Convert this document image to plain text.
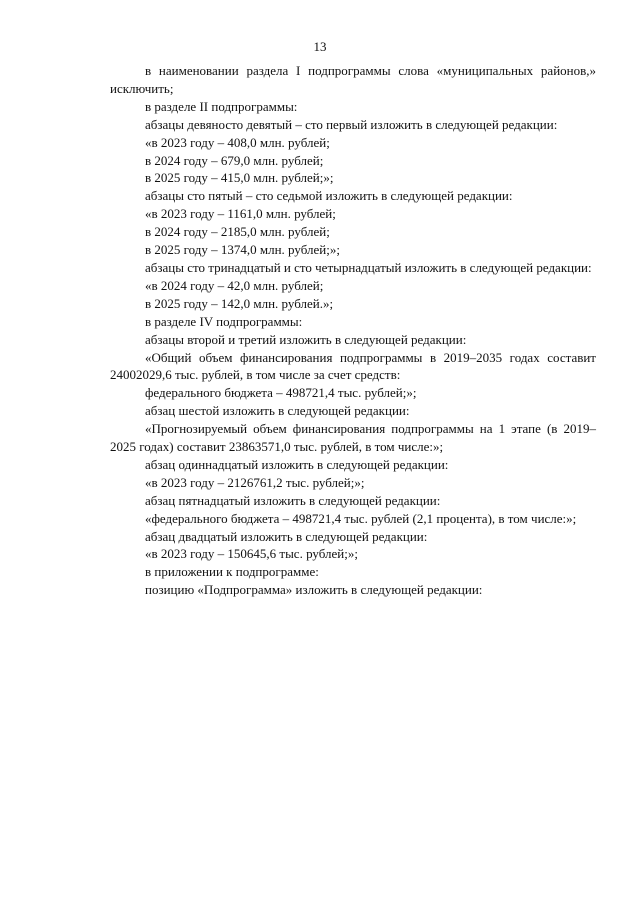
13

в наименовании раздела I подпрограммы слова «муниципальных районов,» исключить;

в разделе II подпрограммы:

абзацы девяносто девятый – сто первый изложить в следующей редакции:

«в 2023 году – 408,0 млн. рублей;

в 2024 году – 679,0 млн. рублей;

в 2025 году – 415,0 млн. рублей;»;

абзацы сто пятый – сто седьмой изложить в следующей редакции:

«в 2023 году – 1161,0 млн. рублей;

в 2024 году – 2185,0 млн. рублей;

в 2025 году – 1374,0 млн. рублей;»;

абзацы сто тринадцатый и сто четырнадцатый изложить в следующей редакции:

«в 2024 году – 42,0 млн. рублей;

в 2025 году – 142,0 млн. рублей.»;

в разделе IV подпрограммы:

абзацы второй и третий изложить в следующей редакции:

«Общий объем финансирования подпрограммы в 2019–2035 годах составит 24002029,6 тыс. рублей, в том числе за счет средств:

федерального бюджета – 498721,4 тыс. рублей;»;

абзац шестой изложить в следующей редакции:

«Прогнозируемый объем финансирования подпрограммы на 1 этапе (в 2019–2025 годах) составит 23863571,0 тыс. рублей, в том числе:»;

абзац одиннадцатый изложить в следующей редакции:

«в 2023 году – 2126761,2 тыс. рублей;»;

абзац пятнадцатый изложить в следующей редакции:

«федерального бюджета – 498721,4 тыс. рублей (2,1 процента), в том числе:»;

абзац двадцатый изложить в следующей редакции:

«в 2023 году – 150645,6 тыс. рублей;»;

в приложении к подпрограмме:

позицию «Подпрограмма» изложить в следующей редакции:
